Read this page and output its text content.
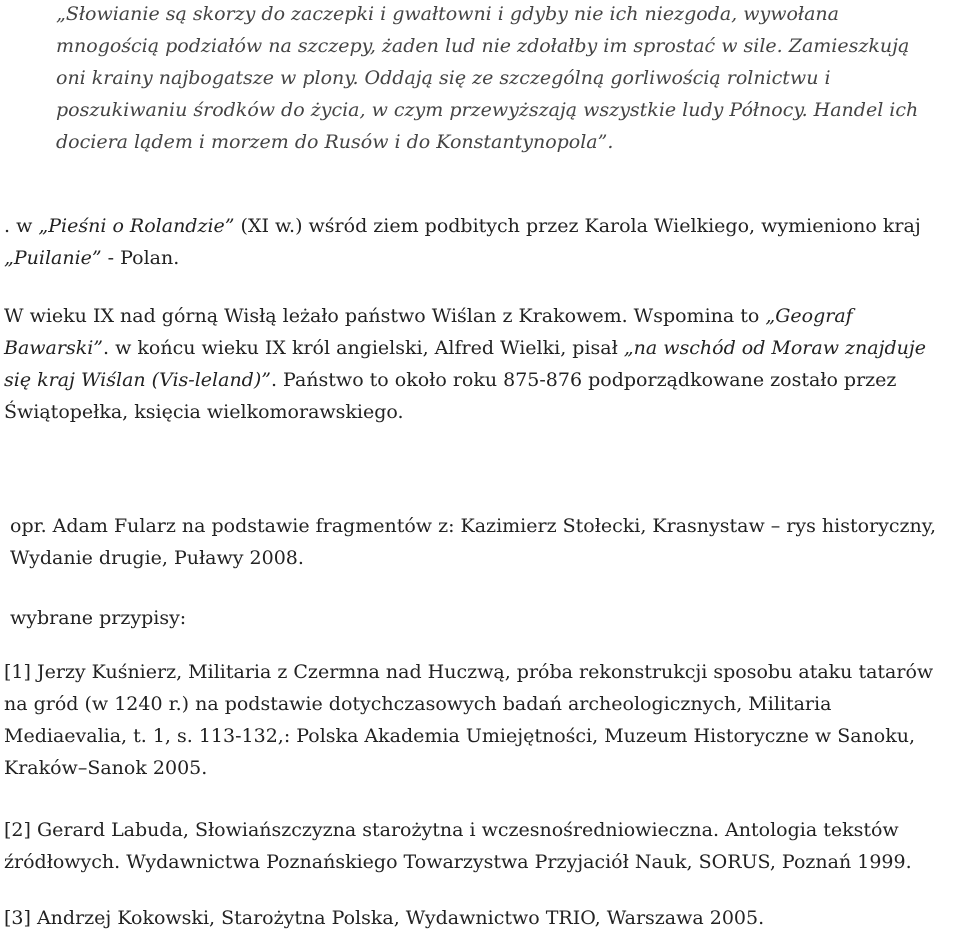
„Słowianie są skorzy do zaczepki i gwałtowni i gdyby nie ich niezgoda, wywołana mnogością podziałów na szczepy, żaden lud nie zdołałby im sprostać w sile. Zamieszkują oni krainy najbogatsze w plony. Oddają się ze szczególną gorliwością rolnictwu i poszukiwaniu środków do życia, w czym przewyższają wszystkie ludy Północy. Handel ich dociera lądem i morzem do Rusów i do Konstantynopola”.

. w „Pieśni o Rolandzie” (XI w.) wśród ziem podbitych przez Karola Wielkiego, wymieniono kraj „Puilanie” - Polan.

W wieku IX nad górną Wisłą leżało państwo Wiślan z Krakowem. Wspomina to „Geograf Bawarski”. w końcu wieku IX król angielski, Alfred Wielki, pisał „na wschód od Moraw znajduje się kraj Wiślan (Vis-leland)”. Państwo to około roku 875-876 podporządkowane zostało przez Świątopełka, księcia wielkomorawskiego.

opr. Adam Fularz na podstawie fragmentów z: Kazimierz Stołecki, Krasnystaw – rys historyczny, Wydanie drugie, Puławy 2008.

wybrane przypisy:

[1] Jerzy Kuśnierz, Militaria z Czermna nad Huczwą, próba rekonstrukcji sposobu ataku tatarów na gród (w 1240 r.) na podstawie dotychczasowych badań archeologicznych, Militaria Mediaevalia, t. 1, s. 113-132,: Polska Akademia Umiejętności, Muzeum Historyczne w Sanoku, Kraków–Sanok 2005.

[2] Gerard Labuda, Słowiańszczyzna starożytna i wczesnośredniowieczna. Antologia tekstów źródłowych. Wydawnictwa Poznańskiego Towarzystwa Przyjaciół Nauk, SORUS, Poznań 1999.

[3] Andrzej Kokowski, Starożytna Polska, Wydawnictwo TRIO, Warszawa 2005.
